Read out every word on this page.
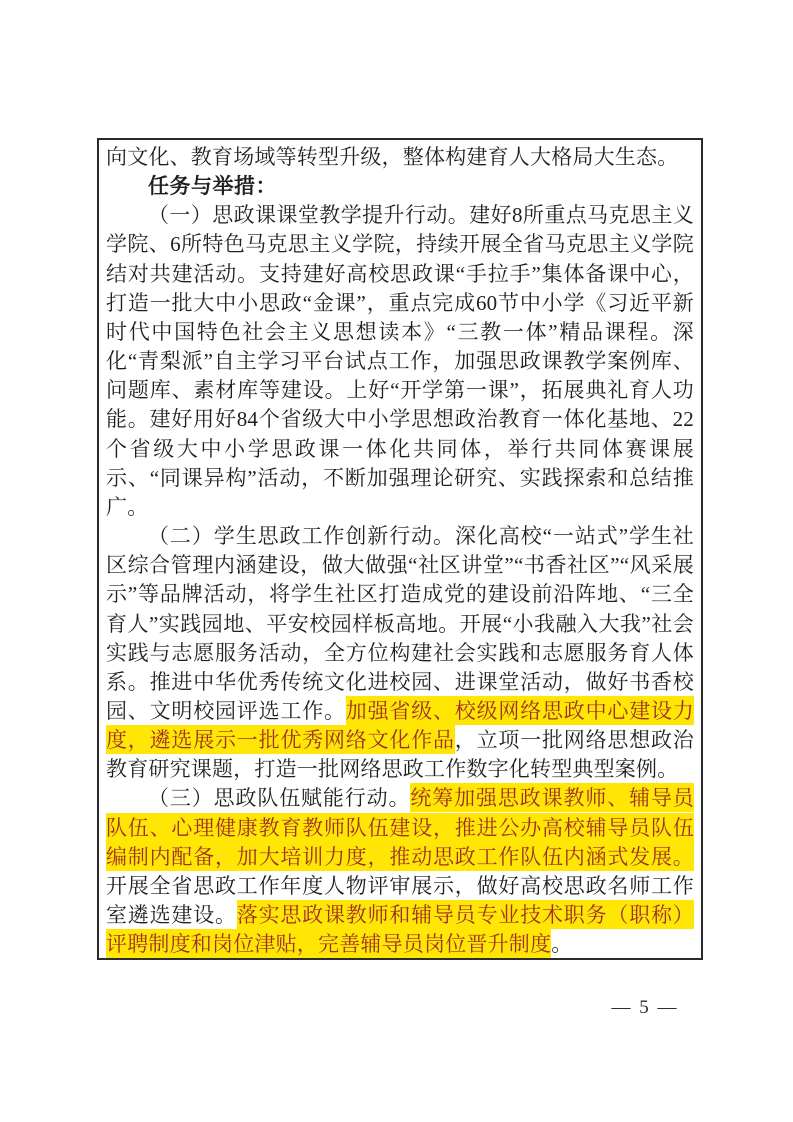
向文化、教育场域等转型升级，整体构建育人大格局大生态。

任务与举措：

（一）思政课课堂教学提升行动。建好8所重点马克思主义学院、6所特色马克思主义学院，持续开展全省马克思主义学院结对共建活动。支持建好高校思政课“手拉手”集体备课中心，打造一批大中小思政“金课”，重点完成60节中小学《习近平新时代中国特色社会主义思想读本》“三教一体”精品课程。深化“青梨派”自主学习平台试点工作，加强思政课教学案例库、问题库、素材库等建设。上好“开学第一课”，拓展典礼育人功能。建好用好84个省级大中小学思想政治教育一体化基地、22个省级大中小学思政课一体化共同体，举行共同体赛课展示、“同课异构”活动，不断加强理论研究、实践探索和总结推广。

（二）学生思政工作创新行动。深化高校“一站式”学生社区综合管理内涵建设，做大做强“社区讲堂”“书香社区”“风采展示”等品牌活动，将学生社区打造成党的建设前沿阵地、“三全育人”实践园地、平安校园样板高地。开展“小我融入大我”社会实践与志愿服务活动，全方位构建社会实践和志愿服务育人体系。推进中华优秀传统文化进校园、进课堂活动，做好书香校园、文明校园评选工作。加强省级、校级网络思政中心建设力度，遴选展示一批优秀网络文化作品，立项一批网络思想政治教育研究课题，打造一批网络思政工作数字化转型典型案例。

（三）思政队伍赋能行动。统筹加强思政课教师、辅导员队伍、心理健康教育教师队伍建设，推进公办高校辅导员队伍编制内配备，加大培训力度，推动思政工作队伍内涵式发展。开展全省思政工作年度人物评审展示，做好高校思政名师工作室遴选建设。落实思政课教师和辅导员专业技术职务（职称）评聘制度和岗位津贴，完善辅导员岗位晋升制度。

— 5 —
